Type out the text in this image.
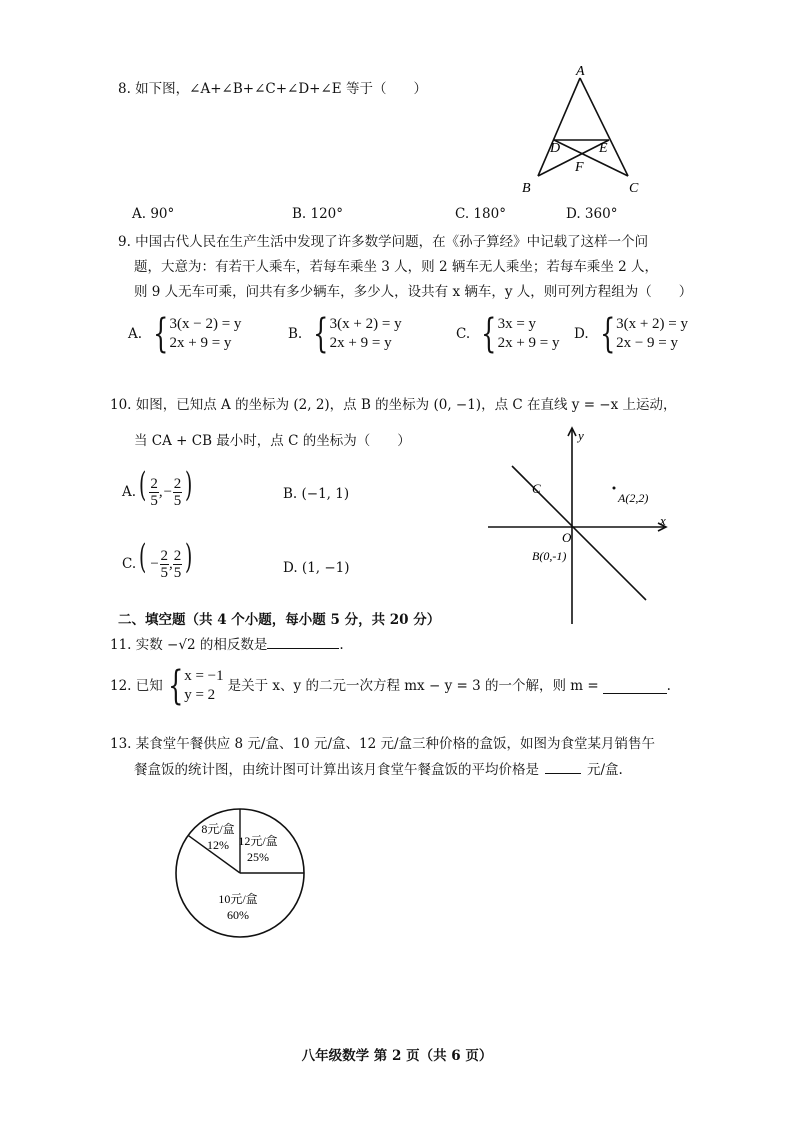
8. 如下图，∠A+∠B+∠C+∠D+∠E 等于（　　）
A
D	E
F
B	C
A. 90°	B. 120°	C. 180°	D. 360°
9. 中国古代人民在生产生活中发现了许多数学问题，在《孙子算经》中记载了这样一个问
题，大意为：有若干人乘车，若每车乘坐 3 人，则 2 辆车无人乘坐；若每车乘坐 2 人，
则 9 人无车可乘，问共有多少辆车，多少人，设共有 x 辆车，y 人，则可列方程组为（　　）
A. { 3(x − 2) = y
2x + 9 = y
B. { 3(x + 2) = y
2x + 9 = y
C. { 3x = y
2x + 9 = y
D. { 3(x + 2) = y
2x − 9 = y
10. 如图，已知点 A 的坐标为 (2, 2)，点 B 的坐标为 (0, −1)，点 C 在直线 y = −x 上运动，
当 CA + CB 最小时，点 C 的坐标为（　　）
$A.( \frac{2}{5}$ ,− $\frac{2}{5}$ )	B. (−1, 1)
$C.( - \frac{2}{5}$ , $\frac{2}{5}$ )	D. (1, −1)
y
x
O
C
A(2,2)
B(0,-1)
二、填空题（共 4 个小题，每小题 5 分，共 20 分）
11. 实数 −√2 的相反数是	.
12. 已知 { x = −1
y = 2
是关于 x、y 的二元一次方程 mx − y = 3 的一个解，则 m =	.
13. 某食堂午餐供应 8 元/盒、10 元/盒、12 元/盒三种价格的盒饭，如图为食堂某月销售午
餐盒饭的统计图，由统计图可计算出该月食堂午餐盒饭的平均价格是	元/盒.
8元/盒
12% 12元/盒
25%
10元/盒
60%
八年级数学 第 2 页（共 6 页）
